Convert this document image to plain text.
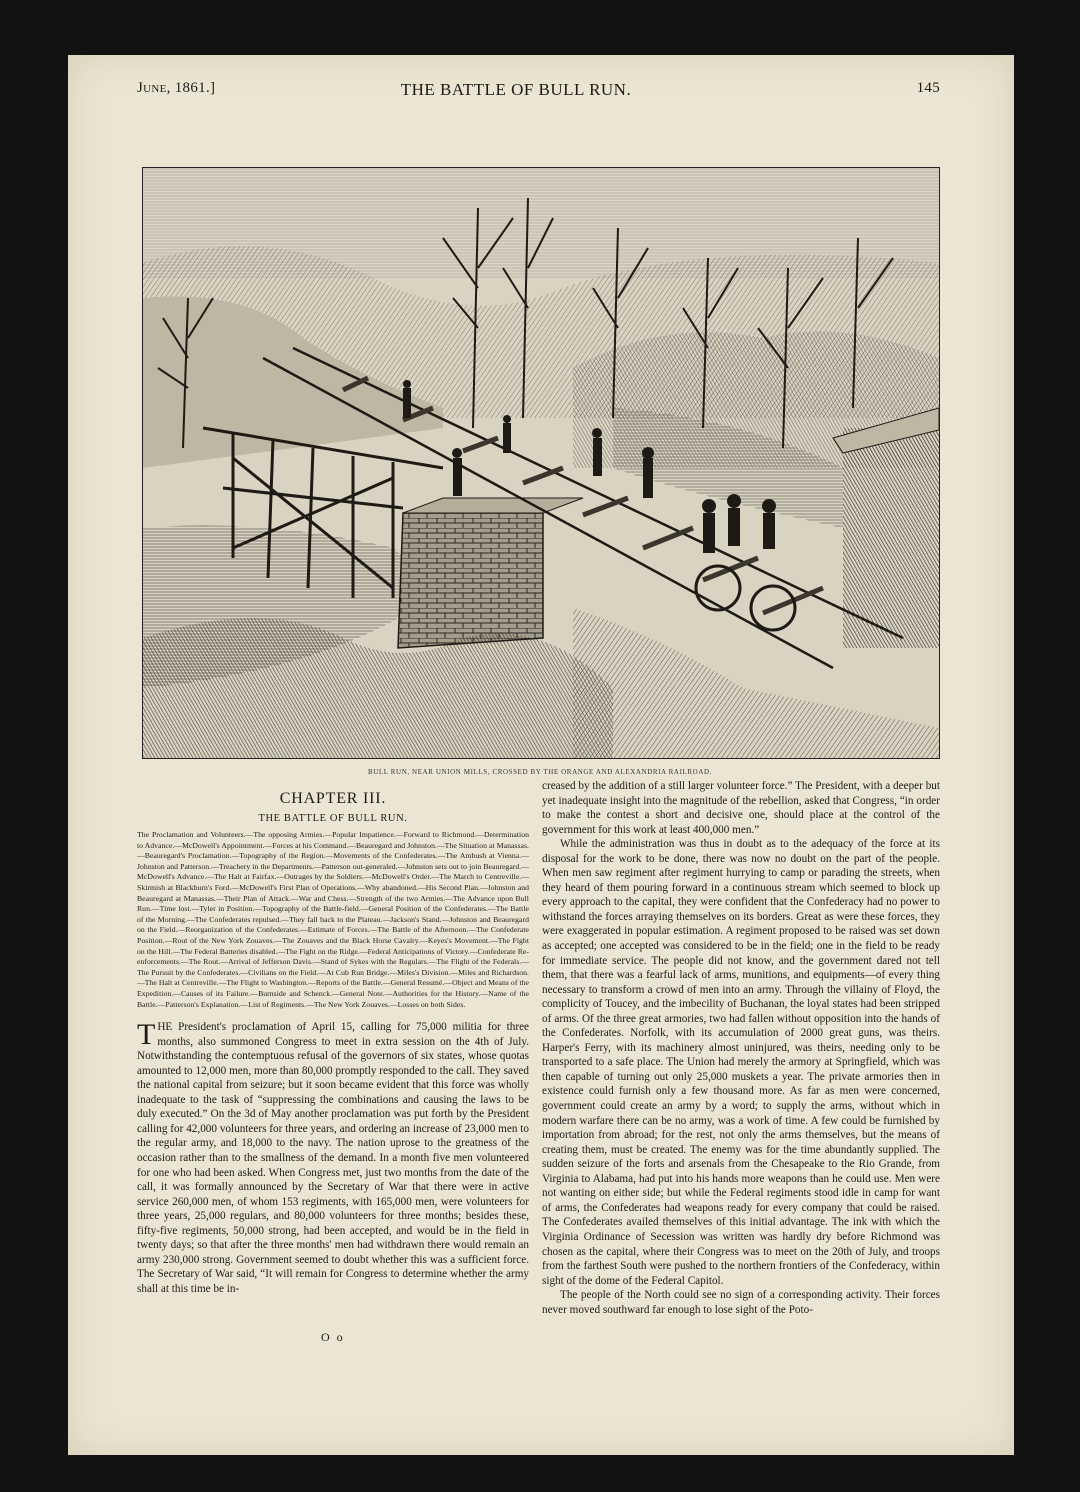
June, 1861.]	THE BATTLE OF BULL RUN.	145
BULL RUN, NEAR UNION MILLS, CROSSED BY THE ORANGE AND ALEXANDRIA RAILROAD.
CHAPTER III.
THE BATTLE OF BULL RUN.
The Proclamation and Volunteers.—The opposing Armies.—Popular Impatience.—Forward to Richmond.—Determination to Advance.—McDowell's Appointment.—Forces at his Command.—Beauregard and Johnston.—The Situation at Manassas.—Beauregard's Proclamation.—Topography of the Region.—Movements of the Confederates.—The Ambush at Vienna.—Johnston and Patterson.—Treachery in the Departments.—Patterson out-generaled.—Johnston sets out to join Beauregard.—McDowell's Advance.—The Halt at Fairfax.—Outrages by the Soldiers.—McDowell's Order.—The March to Centreville.—Skirmish at Blackburn's Ford.—McDowell's First Plan of Operations.—Why abandoned.—His Second Plan.—Johnston and Beauregard at Manassas.—Their Plan of Attack.—War and Chess.—Strength of the two Armies.—The Advance upon Bull Run.—Time lost.—Tyler in Position.—Topography of the Battle-field.—General Position of the Confederates.—The Battle of the Morning.—The Confederates repulsed.—They fall back to the Plateau.—Jackson's Stand.—Johnston and Beauregard on the Field.—Reorganization of the Confederates.—Estimate of Forces.—The Battle of the Afternoon.—The Confederate Position.—Rout of the New York Zouaves.—The Zouaves and the Black Horse Cavalry.—Keyes's Movement.—The Fight on the Hill.—The Federal Batteries disabled.—The Fight on the Ridge.—Federal Anticipations of Victory.—Confederate Re-enforcements.—The Rout.—Arrival of Jefferson Davis.—Stand of Sykes with the Regulars.—The Flight of the Federals.—The Pursuit by the Confederates.—Civilians on the Field.—At Cub Run Bridge.—Miles's Division.—Miles and Richardson.—The Halt at Centreville.—The Flight to Washington.—Reports of the Battle.—General Resumé.—Object and Means of the Expedition.—Causes of its Failure.—Burnside and Schenck.—General Note.—Authorities for the History.—Name of the Battle.—Patterson's Explanation.—List of Regiments.—The New York Zouaves.—Losses on both Sides.
T HE President's proclamation of April 15, calling for 75,000 militia for three months, also summoned Congress to meet in extra session on the 4th of July. Notwithstanding the contemptuous refusal of the governors of six states, whose quotas amounted to 12,000 men, more than 80,000 promptly responded to the call. They saved the national capital from seizure; but it soon became evident that this force was wholly inadequate to the task of “suppressing the combinations and causing the laws to be duly executed.” On the 3d of May another proclamation was put forth by the President calling for 42,000 volunteers for three years, and ordering an increase of 23,000 men to the regular army, and 18,000 to the navy. The nation uprose to the greatness of the occasion rather than to the smallness of the demand. In a month five men volunteered for one who had been asked. When Congress met, just two months from the date of the call, it was formally announced by the Secretary of War that there were in active service 260,000 men, of whom 153 regiments, with 165,000 men, were volunteers for three years, 25,000 regulars, and 80,000 volunteers for three months; besides these, fifty-five regiments, 50,000 strong, had been accepted, and would be in the field in twenty days; so that after the three months' men had withdrawn there would remain an army 230,000 strong. Government seemed to doubt whether this was a sufficient force. The Secretary of War said, “It will remain for Congress to determine whether the army shall at this time be in-

creased by the addition of a still larger volunteer force.” The President, with a deeper but yet inadequate insight into the magnitude of the rebellion, asked that Congress, “in order to make the contest a short and decisive one, should place at the control of the government for this work at least 400,000 men.”

While the administration was thus in doubt as to the adequacy of the force at its disposal for the work to be done, there was now no doubt on the part of the people. When men saw regiment after regiment hurrying to camp or parading the streets, when they heard of them pouring forward in a continuous stream which seemed to block up every approach to the capital, they were confident that the Confederacy had no power to withstand the forces arraying themselves on its borders. Great as were these forces, they were exaggerated in popular estimation. A regiment proposed to be raised was set down as accepted; one accepted was considered to be in the field; one in the field to be ready for immediate service. The people did not know, and the government dared not tell them, that there was a fearful lack of arms, munitions, and equipments—of every thing necessary to transform a crowd of men into an army. Through the villainy of Floyd, the complicity of Toucey, and the imbecility of Buchanan, the loyal states had been stripped of arms. Of the three great armories, two had fallen without opposition into the hands of the Confederates. Norfolk, with its accumulation of 2000 great guns, was theirs. Harper's Ferry, with its machinery almost uninjured, was theirs, needing only to be transported to a safe place. The Union had merely the armory at Springfield, which was then capable of turning out only 25,000 muskets a year. The private armories then in existence could furnish only a few thousand more. As far as men were concerned, government could create an army by a word; to supply the arms, without which in modern warfare there can be no army, was a work of time. A few could be furnished by importation from abroad; for the rest, not only the arms themselves, but the means of creating them, must be created. The enemy was for the time abundantly supplied. The sudden seizure of the forts and arsenals from the Chesapeake to the Rio Grande, from Virginia to Alabama, had put into his hands more weapons than he could use. Men were not wanting on either side; but while the Federal regiments stood idle in camp for want of arms, the Confederates had weapons ready for every company that could be raised. The Confederates availed themselves of this initial advantage. The ink with which the Virginia Ordinance of Secession was written was hardly dry before Richmond was chosen as the capital, where their Congress was to meet on the 20th of July, and troops from the farthest South were pushed to the northern frontiers of the Confederacy, within sight of the dome of the Federal Capitol.

The people of the North could see no sign of a corresponding activity. Their forces never moved southward far enough to lose sight of the Poto-

O o
